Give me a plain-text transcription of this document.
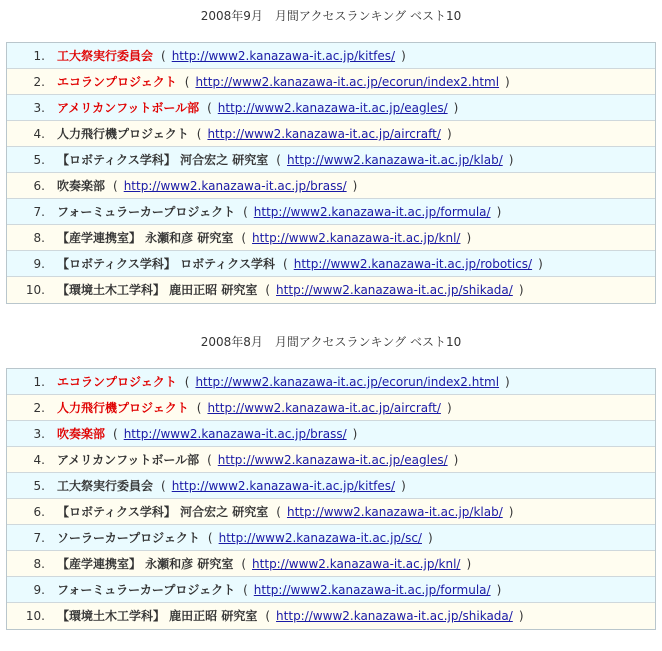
2008年9月　月間アクセスランキング ベスト10
1. 工大祭実行委員会 ( http://www2.kanazawa-it.ac.jp/kitfes/ )
2. エコランプロジェクト ( http://www2.kanazawa-it.ac.jp/ecorun/index2.html )
3. アメリカンフットボール部 ( http://www2.kanazawa-it.ac.jp/eagles/ )
4. 人力飛行機プロジェクト ( http://www2.kanazawa-it.ac.jp/aircraft/ )
5. 【ロボティクス学科】 河合宏之 研究室 ( http://www2.kanazawa-it.ac.jp/klab/ )
6. 吹奏楽部 ( http://www2.kanazawa-it.ac.jp/brass/ )
7. フォーミュラーカープロジェクト ( http://www2.kanazawa-it.ac.jp/formula/ )
8. 【産学連携室】 永瀬和彦 研究室 ( http://www2.kanazawa-it.ac.jp/knl/ )
9. 【ロボティクス学科】 ロボティクス学科 ( http://www2.kanazawa-it.ac.jp/robotics/ )
10. 【環境土木工学科】 鹿田正昭 研究室 ( http://www2.kanazawa-it.ac.jp/shikada/ )
2008年8月　月間アクセスランキング ベスト10
1. エコランプロジェクト ( http://www2.kanazawa-it.ac.jp/ecorun/index2.html )
2. 人力飛行機プロジェクト ( http://www2.kanazawa-it.ac.jp/aircraft/ )
3. 吹奏楽部 ( http://www2.kanazawa-it.ac.jp/brass/ )
4. アメリカンフットボール部 ( http://www2.kanazawa-it.ac.jp/eagles/ )
5. 工大祭実行委員会 ( http://www2.kanazawa-it.ac.jp/kitfes/ )
6. 【ロボティクス学科】 河合宏之 研究室 ( http://www2.kanazawa-it.ac.jp/klab/ )
7. ソーラーカープロジェクト ( http://www2.kanazawa-it.ac.jp/sc/ )
8. 【産学連携室】 永瀬和彦 研究室 ( http://www2.kanazawa-it.ac.jp/knl/ )
9. フォーミュラーカープロジェクト ( http://www2.kanazawa-it.ac.jp/formula/ )
10. 【環境土木工学科】 鹿田正昭 研究室 ( http://www2.kanazawa-it.ac.jp/shikada/ )
